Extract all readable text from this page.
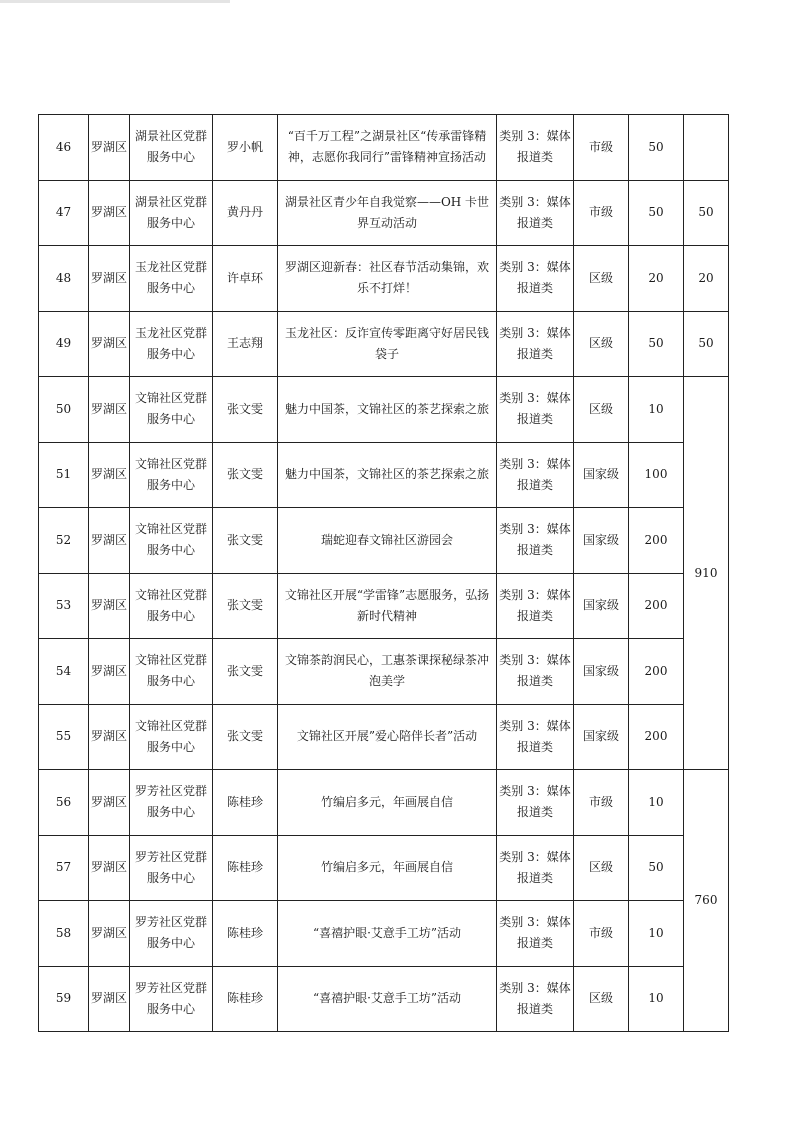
46	罗湖区	湖景社区党群服务中心	罗小帆	“百千万工程”之湖景社区“传承雷锋精神，志愿你我同行”雷锋精神宣扬活动	类别 3：媒体报道类	市级	50	
47	罗湖区	湖景社区党群服务中心	黄丹丹	湖景社区青少年自我觉察——OH 卡世界互动活动	类别 3：媒体报道类	市级	50	50
48	罗湖区	玉龙社区党群服务中心	许卓环	罗湖区迎新春：社区春节活动集锦，欢乐不打烊！	类别 3：媒体报道类	区级	20	20
49	罗湖区	玉龙社区党群服务中心	王志翔	玉龙社区：反诈宣传零距离守好居民钱袋子	类别 3：媒体报道类	区级	50	50
50	罗湖区	文锦社区党群服务中心	张文雯	魅力中国茶，文锦社区的茶艺探索之旅	类别 3：媒体报道类	区级	10	910
51	罗湖区	文锦社区党群服务中心	张文雯	魅力中国茶，文锦社区的茶艺探索之旅	类别 3：媒体报道类	国家级	100	
52	罗湖区	文锦社区党群服务中心	张文雯	瑞蛇迎春文锦社区游园会	类别 3：媒体报道类	国家级	200	
53	罗湖区	文锦社区党群服务中心	张文雯	文锦社区开展“学雷锋”志愿服务，弘扬新时代精神	类别 3：媒体报道类	国家级	200	
54	罗湖区	文锦社区党群服务中心	张文雯	文锦茶韵润民心，工惠茶课探秘绿茶冲泡美学	类别 3：媒体报道类	国家级	200	
55	罗湖区	文锦社区党群服务中心	张文雯	文锦社区开展”爱心陪伴长者”活动	类别 3：媒体报道类	国家级	200	
56	罗湖区	罗芳社区党群服务中心	陈桂珍	竹编启多元，年画展自信	类别 3：媒体报道类	市级	10	760
57	罗湖区	罗芳社区党群服务中心	陈桂珍	竹编启多元，年画展自信	类别 3：媒体报道类	区级	50	
58	罗湖区	罗芳社区党群服务中心	陈桂珍	“喜禧护眼·艾意手工坊”活动	类别 3：媒体报道类	市级	10	
59	罗湖区	罗芳社区党群服务中心	陈桂珍	“喜禧护眼·艾意手工坊”活动	类别 3：媒体报道类	区级	10	
